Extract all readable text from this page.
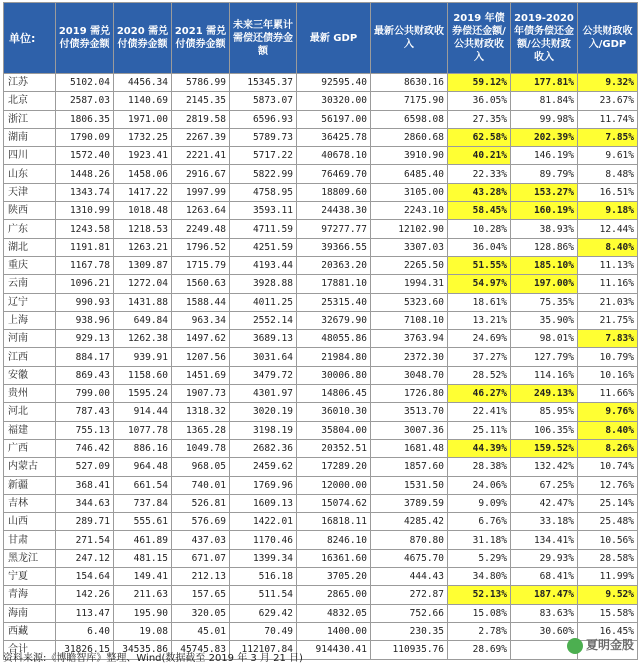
单位:	2019 需兑付债券金额	2020 需兑付债券金额	2021 需兑付债券金额	未来三年累计需偿还债券金额	最新 GDP	最新公共财政收入	2019 年债券偿还金额/公共财政收入	2019-2020 年债务偿还金额/公共财政收入	公共财政收入/GDP
江苏	5102.04	4456.34	5786.99	15345.37	92595.40	8630.16	59.12%	177.81%	9.32%
北京	2587.03	1140.69	2145.35	5873.07	30320.00	7175.90	36.05%	81.84%	23.67%
浙江	1806.35	1971.00	2819.58	6596.93	56197.00	6598.08	27.35%	99.98%	11.74%
湖南	1790.09	1732.25	2267.39	5789.73	36425.78	2860.68	62.58%	202.39%	7.85%
四川	1572.40	1923.41	2221.41	5717.22	40678.10	3910.90	40.21%	146.19%	9.61%
山东	1448.26	1458.06	2916.67	5822.99	76469.70	6485.40	22.33%	89.79%	8.48%
天津	1343.74	1417.22	1997.99	4758.95	18809.60	3105.00	43.28%	153.27%	16.51%
陕西	1310.99	1018.48	1263.64	3593.11	24438.30	2243.10	58.45%	160.19%	9.18%
广东	1243.58	1218.53	2249.48	4711.59	97277.77	12102.90	10.28%	38.93%	12.44%
湖北	1191.81	1263.21	1796.52	4251.59	39366.55	3307.03	36.04%	128.86%	8.40%
重庆	1167.78	1309.87	1715.79	4193.44	20363.20	2265.50	51.55%	185.10%	11.13%
云南	1096.21	1272.04	1560.63	3928.88	17881.10	1994.31	54.97%	197.00%	11.16%
辽宁	990.93	1431.88	1588.44	4011.25	25315.40	5323.60	18.61%	75.35%	21.03%
上海	938.96	649.84	963.34	2552.14	32679.90	7108.10	13.21%	35.90%	21.75%
河南	929.13	1262.38	1497.62	3689.13	48055.86	3763.94	24.69%	98.01%	7.83%
江西	884.17	939.91	1207.56	3031.64	21984.80	2372.30	37.27%	127.79%	10.79%
安徽	869.43	1158.60	1451.69	3479.72	30006.80	3048.70	28.52%	114.16%	10.16%
贵州	799.00	1595.24	1907.73	4301.97	14806.45	1726.80	46.27%	249.13%	11.66%
河北	787.43	914.44	1318.32	3020.19	36010.30	3513.70	22.41%	85.95%	9.76%
福建	755.13	1077.78	1365.28	3198.19	35804.00	3007.36	25.11%	106.35%	8.40%
广西	746.42	886.16	1049.78	2682.36	20352.51	1681.48	44.39%	159.52%	8.26%
内蒙古	527.09	964.48	968.05	2459.62	17289.20	1857.60	28.38%	132.42%	10.74%
新疆	368.41	661.54	740.01	1769.96	12000.00	1531.50	24.06%	67.25%	12.76%
吉林	344.63	737.84	526.81	1609.13	15074.62	3789.59	9.09%	42.47%	25.14%
山西	289.71	555.61	576.69	1422.01	16818.11	4285.42	6.76%	33.18%	25.48%
甘肃	271.54	461.89	437.03	1170.46	8246.10	870.80	31.18%	134.41%	10.56%
黑龙江	247.12	481.15	671.07	1399.34	16361.60	4675.70	5.29%	29.93%	28.58%
宁夏	154.64	149.41	212.13	516.18	3705.20	444.43	34.80%	68.41%	11.99%
青海	142.26	211.63	157.65	511.54	2865.00	272.87	52.13%	187.47%	9.52%
海南	113.47	195.90	320.05	629.42	4832.05	752.66	15.08%	83.63%	15.58%
西藏	6.40	19.08	45.01	70.49	1400.00	230.35	2.78%	30.60%	16.45%
合计	31826.15	34535.86	45745.83	112107.84	914430.41	110935.76	28.69%		
资料来源:《博瞻智库》整理、Wind(数据截至 2019 年 3 月 21 日)
夏明金股
